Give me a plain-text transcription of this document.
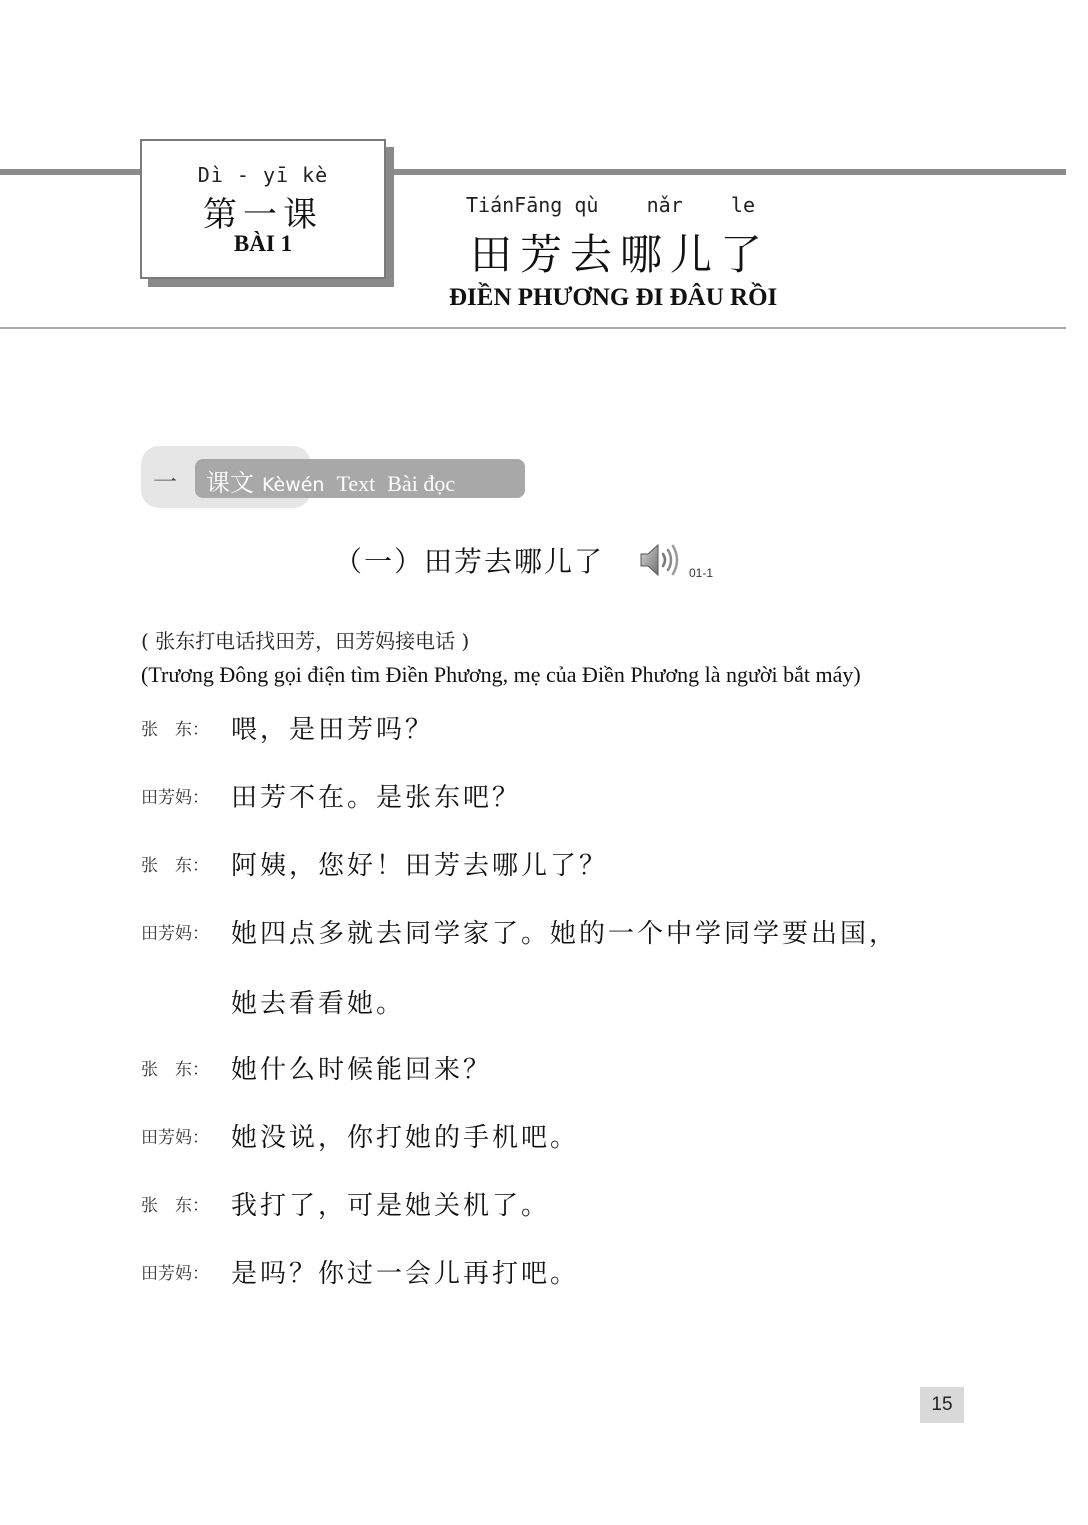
Dì - yī kè
第一课
BÀI 1
TiánFāng qù    nǎr    le
田芳去哪儿了
ĐIỀN PHƯƠNG ĐI ĐÂU RỒI
一 课文 Kèwén Text Bài đọc
（一）田芳去哪儿了	01-1
( 张东打电话找田芳，田芳妈接电话 )
(Trương Đông gọi điện tìm Điền Phương, mẹ của Điền Phương là người bắt máy)
张　东： 喂，是田芳吗？
田芳妈： 田芳不在。是张东吧？
张　东： 阿姨，您好！田芳去哪儿了？
田芳妈： 她四点多就去同学家了。她的一个中学同学要出国，
她去看看她。
张　东： 她什么时候能回来？
田芳妈： 她没说，你打她的手机吧。
张　东： 我打了，可是她关机了。
田芳妈： 是吗？你过一会儿再打吧。
15
